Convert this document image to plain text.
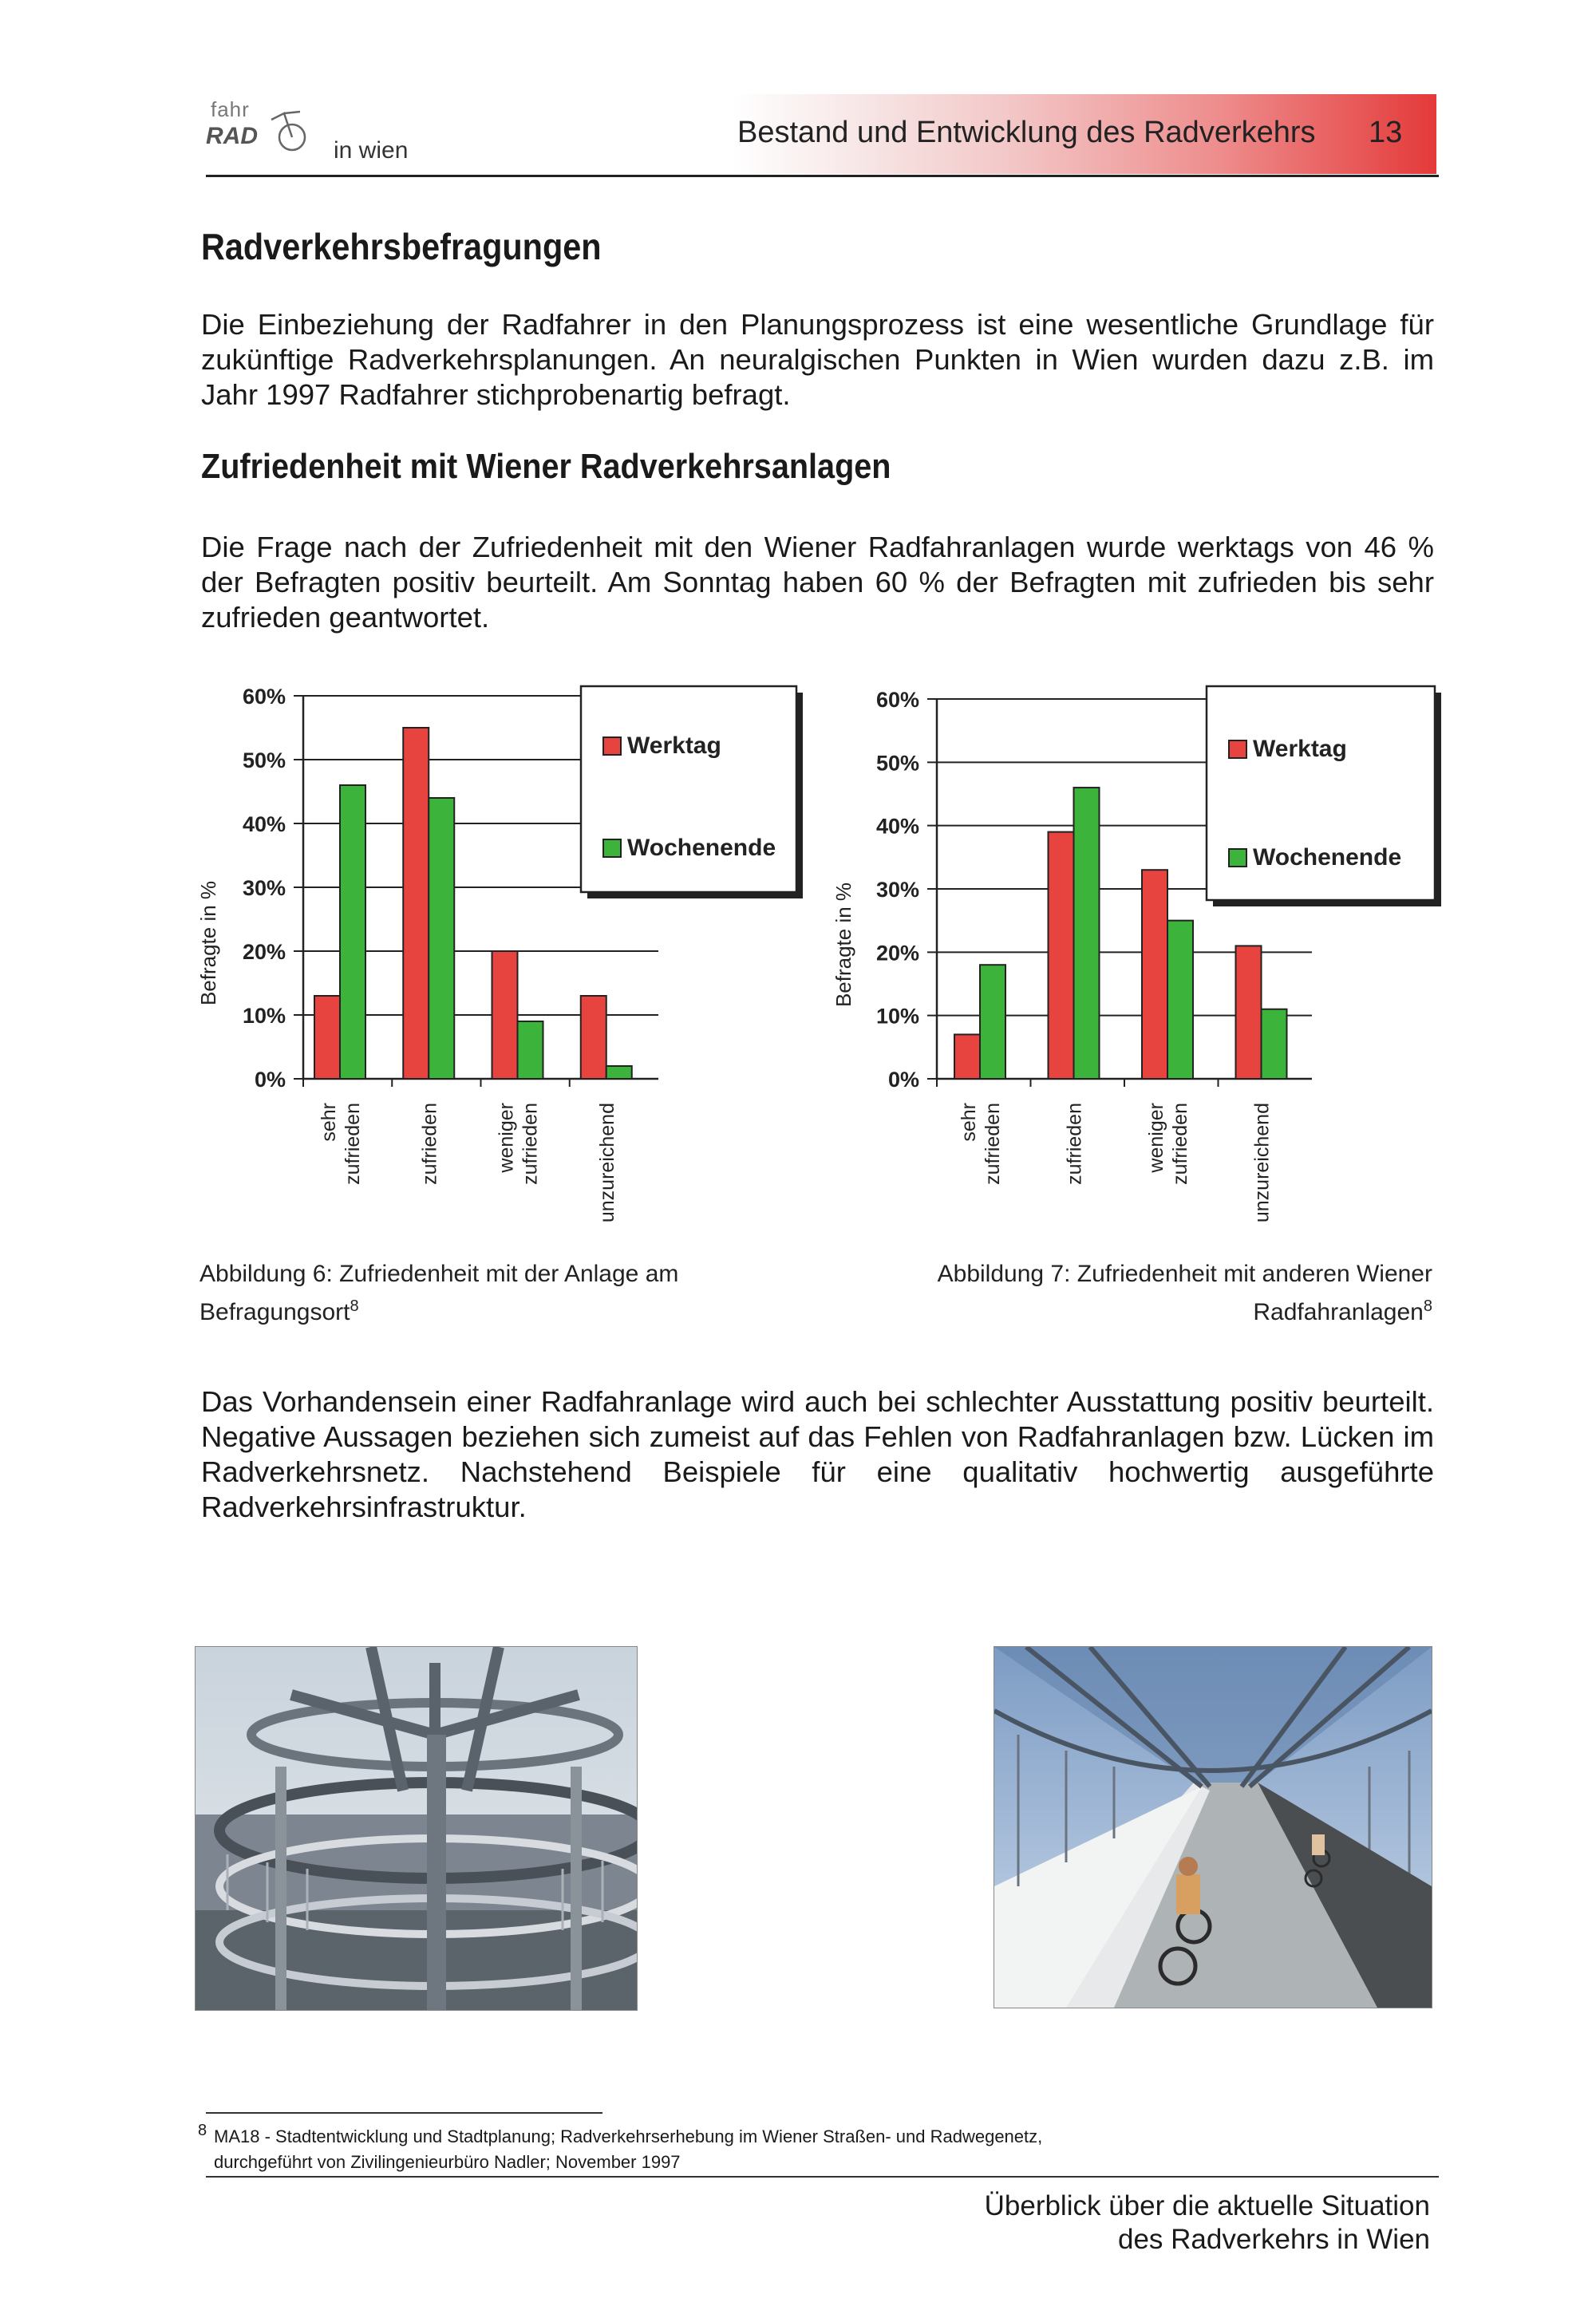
fahr
RAD
in wien
Bestand und Entwicklung des Radverkehrs 13
Radverkehrsbefragungen

Die Einbeziehung der Radfahrer in den Planungsprozess ist eine wesentliche Grundlage für zukünftige Radverkehrsplanungen. An neuralgischen Punkten in Wien wurden dazu z.B. im Jahr 1997 Radfahrer stichprobenartig befragt.

Zufriedenheit mit Wiener Radverkehrsanlagen

Die Frage nach der Zufriedenheit mit den Wiener Radfahranlagen wurde werktags von 46 % der Befragten positiv beurteilt. Am Sonntag haben 60 % der Befragten mit zufrieden bis sehr zufrieden geantwortet.

0%
10%
20%
30%
40%
50%
60%
Befragte in %
sehr zufrieden	zufrieden	weniger zufrieden	unzureichend
Werktag
Wochenende
0%
10%
20%
30%
40%
50%
60%
Befragte in %
sehr zufrieden	zufrieden	weniger zufrieden	unzureichend
Werktag
Wochenende

Abbildung 6: Zufriedenheit mit der Anlage am Befragungsort$^8$

Abbildung 7: Zufriedenheit mit anderen Wiener Radfahranlagen$^8$

Das Vorhandensein einer Radfahranlage wird auch bei schlechter Ausstattung positiv beurteilt. Negative Aussagen beziehen sich zumeist auf das Fehlen von Radfahranlagen bzw. Lücken im Radverkehrsnetz. Nachstehend Beispiele für eine qualitativ hochwertig ausgeführte Radverkehrsinfrastruktur.

8 MA18 - Stadtentwicklung und Stadtplanung; Radverkehrserhebung im Wiener Straßen- und Radwegenetz,
durchgeführt von Zivilingenieurbüro Nadler; November 1997
Überblick über die aktuelle Situation
des Radverkehrs in Wien
